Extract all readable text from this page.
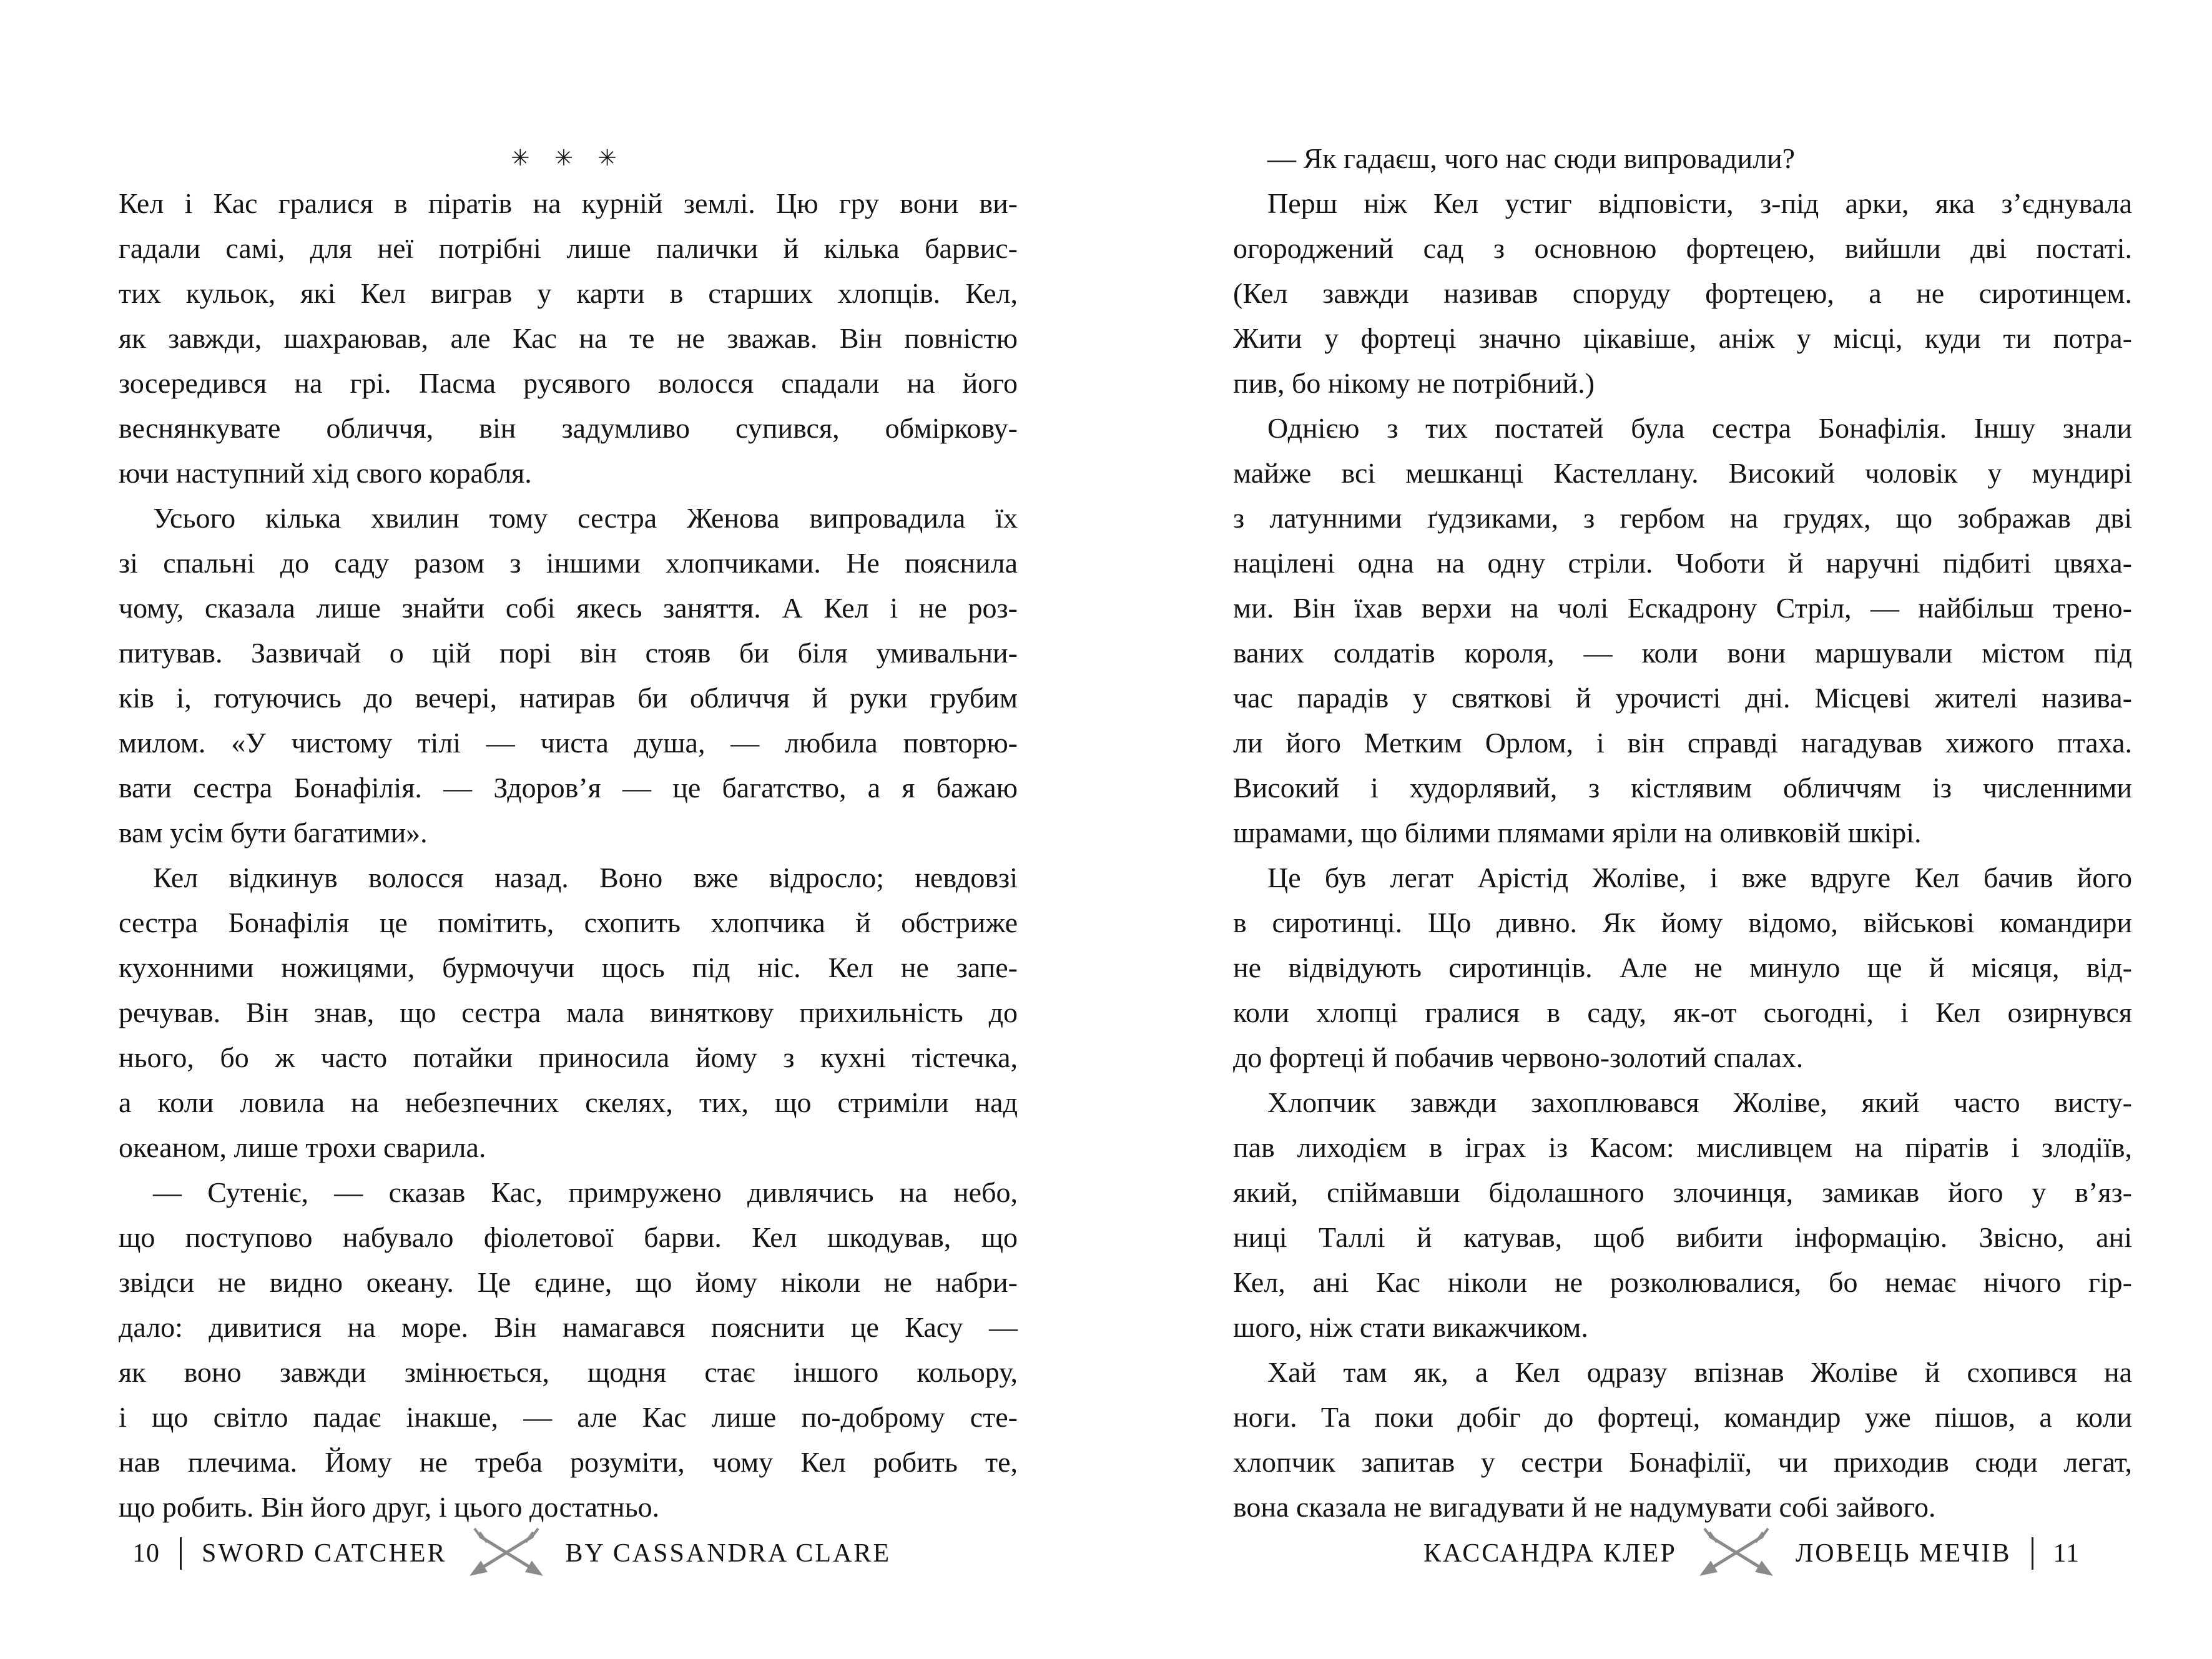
✳ ✳ ✳
Кел і Кас гралися в піратів на курній землі. Цю гру вони ви-
гадали самі, для неї потрібні лише палички й кілька барвис-
тих кульок, які Кел виграв у карти в старших хлопців. Кел,
як завжди, шахраював, але Кас на те не зважав. Він повністю
зосередився на грі. Пасма русявого волосся спадали на його
веснянкувате обличчя, він задумливо супився, обміркову-
ючи наступний хід свого корабля.
Усього кілька хвилин тому сестра Женова випровадила їх
зі спальні до саду разом з іншими хлопчиками. Не пояснила
чому, сказала лише знайти собі якесь заняття. А Кел і не роз-
питував. Зазвичай о цій порі він стояв би біля умивальни-
ків і, готуючись до вечері, натирав би обличчя й руки грубим
милом. «У чистому тілі — чиста душа, — любила повторю-
вати сестра Бонафілія. — Здоров’я — це багатство, а я бажаю
вам усім бути багатими».
Кел відкинув волосся назад. Воно вже відросло; невдовзі
сестра Бонафілія це помітить, схопить хлопчика й обстриже
кухонними ножицями, бурмочучи щось під ніс. Кел не запе-
речував. Він знав, що сестра мала виняткову прихильність до
нього, бо ж часто потайки приносила йому з кухні тістечка,
а коли ловила на небезпечних скелях, тих, що стриміли над
океаном, лише трохи сварила.
— Сутеніє, — сказав Кас, примружено дивлячись на небо,
що поступово набувало фіолетової барви. Кел шкодував, що
звідси не видно океану. Це єдине, що йому ніколи не набри-
дало: дивитися на море. Він намагався пояснити це Касу —
як воно завжди змінюється, щодня стає іншого кольору,
і що світло падає інакше, — але Кас лише по-доброму сте-
нав плечима. Йому не треба розуміти, чому Кел робить те,
що робить. Він його друг, і цього достатньо.
10 SWORD CATCHER	BY CASSANDRA CLARE
— Як гадаєш, чого нас сюди випровадили?
Перш ніж Кел устиг відповісти, з-під арки, яка з’єднувала
огороджений сад з основною фортецею, вийшли дві постаті.
(Кел завжди називав споруду фортецею, а не сиротинцем.
Жити у фортеці значно цікавіше, аніж у місці, куди ти потра-
пив, бо нікому не потрібний.)
Однією з тих постатей була сестра Бонафілія. Іншу знали
майже всі мешканці Кастеллану. Високий чоловік у мундирі
з латунними ґудзиками, з гербом на грудях, що зображав дві
націлені одна на одну стріли. Чоботи й наручні підбиті цвяха-
ми. Він їхав верхи на чолі Ескадрону Стріл, — найбільш трено-
ваних солдатів короля, — коли вони маршували містом під
час парадів у святкові й урочисті дні. Місцеві жителі назива-
ли його Метким Орлом, і він справді нагадував хижого птаха.
Високий і худорлявий, з кістлявим обличчям із численними
шрамами, що білими плямами яріли на оливковій шкірі.
Це був легат Арістід Жоліве, і вже вдруге Кел бачив його
в сиротинці. Що дивно. Як йому відомо, військові командири
не відвідують сиротинців. Але не минуло ще й місяця, від-
коли хлопці гралися в саду, як-от сьогодні, і Кел озирнувся
до фортеці й побачив червоно-золотий спалах.
Хлопчик завжди захоплювався Жоліве, який часто висту-
пав лиходієм в іграх із Касом: мисливцем на піратів і злодіїв,
який, спіймавши бідолашного злочинця, замикав його у в’яз-
ниці Таллі й катував, щоб вибити інформацію. Звісно, ані
Кел, ані Кас ніколи не розколювалися, бо немає нічого гір-
шого, ніж стати викажчиком.
Хай там як, а Кел одразу впізнав Жоліве й схопився на
ноги. Та поки добіг до фортеці, командир уже пішов, а коли
хлопчик запитав у сестри Бонафілії, чи приходив сюди легат,
вона сказала не вигадувати й не надумувати собі зайвого.
КАССАНДРА КЛЕР	ЛОВЕЦЬ МЕЧІВ 11
